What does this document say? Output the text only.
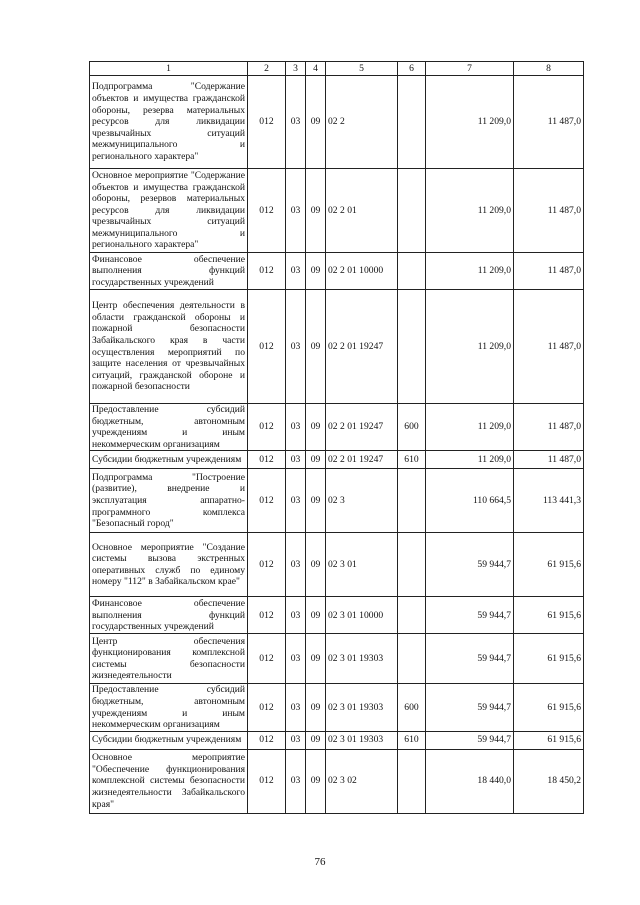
1	2	3	4	5	6	7	8
Подпрограмма "Содержание объектов и имущества гражданской обороны, резерва материальных ресурсов для ликвидации чрезвычайных ситуаций межмуниципального и регионального характера"	012	03	09	02 2		11 209,0	11 487,0
Основное мероприятие "Содержание объектов и имущества гражданской обороны, резервов материальных ресурсов для ликвидации чрезвычайных ситуаций межмуниципального и регионального характера"	012	03	09	02 2 01		11 209,0	11 487,0
Финансовое обеспечение выполнения функций государственных учреждений	012	03	09	02 2 01 10000		11 209,0	11 487,0
Центр обеспечения деятельности в области гражданской обороны и пожарной безопасности Забайкальского края в части осуществления мероприятий по защите населения от чрезвычайных ситуаций, гражданской обороне и пожарной безопасности	012	03	09	02 2 01 19247		11 209,0	11 487,0
Предоставление субсидий бюджетным, автономным учреждениям и иным некоммерческим организациям	012	03	09	02 2 01 19247	600	11 209,0	11 487,0
Субсидии бюджетным учреждениям	012	03	09	02 2 01 19247	610	11 209,0	11 487,0
Подпрограмма "Построение (развитие), внедрение и эксплуатация аппаратно-программного комплекса "Безопасный город"	012	03	09	02 3		110 664,5	113 441,3
Основное мероприятие "Создание системы вызова экстренных оперативных служб по единому номеру "112" в Забайкальском крае"	012	03	09	02 3 01		59 944,7	61 915,6
Финансовое обеспечение выполнения функций государственных учреждений	012	03	09	02 3 01 10000		59 944,7	61 915,6
Центр обеспечения функционирования комплексной системы безопасности жизнедеятельности	012	03	09	02 3 01 19303		59 944,7	61 915,6
Предоставление субсидий бюджетным, автономным учреждениям и иным некоммерческим организациям	012	03	09	02 3 01 19303	600	59 944,7	61 915,6
Субсидии бюджетным учреждениям	012	03	09	02 3 01 19303	610	59 944,7	61 915,6
Основное мероприятие "Обеспечение функционирования комплексной системы безопасности жизнедеятельности Забайкальского края"	012	03	09	02 3 02		18 440,0	18 450,2
76
